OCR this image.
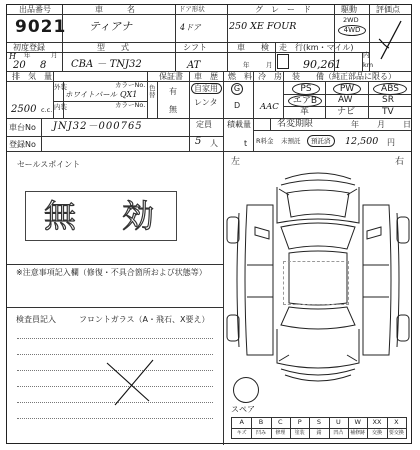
出品番号
9021
車　　　名
ティアナ
ドア形状
4ドア
グ　レ　ー　ド
250 XE FOUR
駆動
2WD
4WD
評価点
初度登録
H 年	月
20 8
型　　式
CBA － TNJ32
シフト
AT
車　　検
年	月
走　行(km・マイル)
90,261
内
km
排　気　量
外装
内装
カラーNo.
カラーNo.
ホワイトパール QX1
2500 c.c.
色替
保証書
有
無
車　歴
自家用
レンタ
燃　料
G
D
冷　房
AAC
装　　備（純正部品に限る）
PS	PW	ABS
エアB	AW	SR
革	ナビ	TV
車台No JNJ32－000765
登録No
定員
5 人
積載量
t
名変期限	年 月 日
R料金 未預託 預託済 12,500 円
セールスポイント
無 効
※注意事項記入欄（修復・不具合箇所および状態等）
検査員記入	フロントガラス（A・飛石、X要え）
左	右
スペア
A
キズ
B
凹み
C
修理
P
塗装
S
錆
U
凹凸
W
補修跡
XX
交換
X
要交換
